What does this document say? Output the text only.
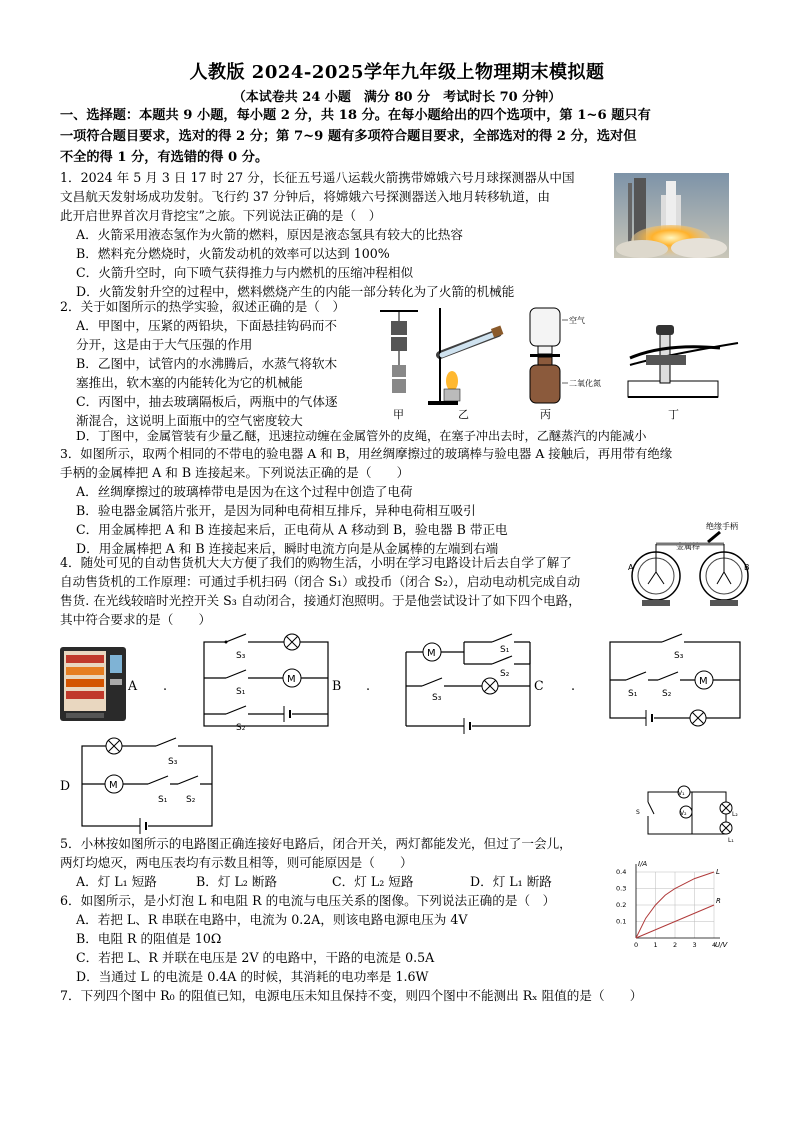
人教版 2024-2025学年九年级上物理期末模拟题
（本试卷共 24 小题　满分 80 分　考试时长 70 分钟）
一、选择题：本题共 9 小题，每小题 2 分，共 18 分。在每小题给出的四个选项中，第 1~6 题只有
一项符合题目要求，选对的得 2 分；第 7~9 题有多项符合题目要求，全部选对的得 2 分，选对但
不全的得 1 分，有选错的得 0 分。
1．2024 年 5 月 3 日 17 时 27 分，长征五号遥八运载火箭携带嫦娥六号月球探测器从中国
文昌航天发射场成功发射。飞行约 37 分钟后，将嫦娥六号探测器送入地月转移轨道，由
此开启世界首次月背挖宝”之旅。下列说法正确的是（　）
A．火箭采用液态氢作为火箭的燃料，原因是液态氢具有较大的比热容
B．燃料充分燃烧时，火箭发动机的效率可以达到 100%
C．火箭升空时，向下喷气获得推力与内燃机的压缩冲程相似
D．火箭发射升空的过程中，燃料燃烧产生的内能一部分转化为了火箭的机械能
2．关于如图所示的热学实验，叙述正确的是（　）
A．甲图中，压紧的两铅块，下面悬挂钩码而不
分开，这是由于大气压强的作用
B．乙图中，试管内的水沸腾后，水蒸气将软木
塞推出，软木塞的内能转化为它的机械能
C．丙图中，抽去玻璃隔板后，两瓶中的气体逐
渐混合，这说明上面瓶中的空气密度较大
D．丁图中，金属管装有少量乙醚，迅速拉动缠在金属管外的皮绳，在塞子冲出去时，乙醚蒸汽的内能减小
空气
二氧化氮
甲	乙	丙	丁
3．如图所示，取两个相同的不带电的验电器 A 和 B，用丝绸摩擦过的玻璃棒与验电器 A 接触后，再用带有绝缘
手柄的金属棒把 A 和 B 连接起来。下列说法正确的是（　　）
A．丝绸摩擦过的玻璃棒带电是因为在这个过程中创造了电荷
B．验电器金属箔片张开，是因为同种电荷相互排斥，异种电荷相互吸引
C．用金属棒把 A 和 B 连接起来后，正电荷从 A 移动到 B，验电器 B 带正电
D．用金属棒把 A 和 B 连接起来后，瞬时电流方向是从金属棒的左端到右端
绝缘手柄
金属棒
A	B
4．随处可见的自动售货机大大方便了我们的购物生活，小明在学习电路设计后去自学了解了
自动售货机的工作原理：可通过手机扫码（闭合 S₁）或投币（闭合 S₂），启动电动机完成自动
售货. 在光线较暗时光控开关 S₃ 自动闭合，接通灯泡照明。于是他尝试设计了如下四个电路，
其中符合要求的是（　　）
A .	B .	C .
D
M
S₃
S₁
S₂
M	S₁
S₂
S₃
M
S₃
S₁	S₂
M
S₃
S₁ S₂
V₁
V₂	L₂
L₁
S
5．小林按如图所示的电路图正确连接好电路后，闭合开关，两灯都能发光，但过了一会儿，
两灯均熄灭，两电压表均有示数且相等，则可能原因是（　　）
A．灯 L₁ 短路	B．灯 L₂ 断路	C．灯 L₂ 短路	D．灯 L₁ 断路
6．如图所示，是小灯泡 L 和电阻 R 的电流与电压关系的图像。下列说法正确的是（　）
A．若把 L、R 串联在电路中，电流为 0.2A，则该电路电源电压为 4V
B．电阻 R 的阻值是 10Ω
C．若把 L、R 并联在电压是 2V 的电路中，干路的电流是 0.5A
D．当通过 L 的电流是 0.4A 的时候，其消耗的电功率是 1.6W
L
R
0 1 2 3 4
0.1
0.2
0.3
0.4
I/A
U/V
7．下列四个图中 R₀ 的阻值已知，电源电压未知且保持不变，则四个图中不能测出 Rₓ 阻值的是（　　）
